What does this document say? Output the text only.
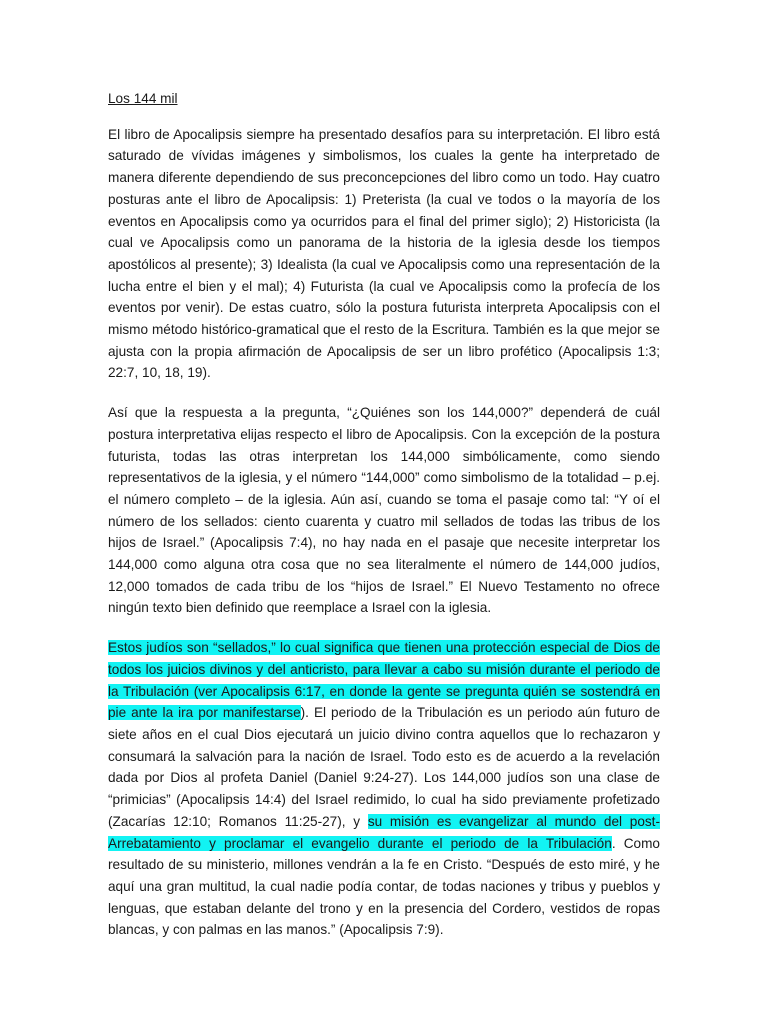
Los 144 mil

El libro de Apocalipsis siempre ha presentado desafíos para su interpretación. El libro está saturado de vívidas imágenes y simbolismos, los cuales la gente ha interpretado de manera diferente dependiendo de sus preconcepciones del libro como un todo. Hay cuatro posturas ante el libro de Apocalipsis: 1) Preterista (la cual ve todos o la mayoría de los eventos en Apocalipsis como ya ocurridos para el final del primer siglo); 2) Historicista (la cual ve Apocalipsis como un panorama de la historia de la iglesia desde los tiempos apostólicos al presente); 3) Idealista (la cual ve Apocalipsis como una representación de la lucha entre el bien y el mal); 4) Futurista (la cual ve Apocalipsis como la profecía de los eventos por venir). De estas cuatro, sólo la postura futurista interpreta Apocalipsis con el mismo método histórico-gramatical que el resto de la Escritura. También es la que mejor se ajusta con la propia afirmación de Apocalipsis de ser un libro profético (Apocalipsis 1:3; 22:7, 10, 18, 19).

Así que la respuesta a la pregunta, “¿Quiénes son los 144,000?” dependerá de cuál postura interpretativa elijas respecto el libro de Apocalipsis. Con la excepción de la postura futurista, todas las otras interpretan los 144,000 simbólicamente, como siendo representativos de la iglesia, y el número “144,000” como simbolismo de la totalidad – p.ej. el número completo – de la iglesia. Aún así, cuando se toma el pasaje como tal: “Y oí el número de los sellados: ciento cuarenta y cuatro mil sellados de todas las tribus de los hijos de Israel.” (Apocalipsis 7:4), no hay nada en el pasaje que necesite interpretar los 144,000 como alguna otra cosa que no sea literalmente el número de 144,000 judíos, 12,000 tomados de cada tribu de los “hijos de Israel.” El Nuevo Testamento no ofrece ningún texto bien definido que reemplace a Israel con la iglesia.

Estos judíos son “sellados,” lo cual significa que tienen una protección especial de Dios de todos los juicios divinos y del anticristo, para llevar a cabo su misión durante el periodo de la Tribulación (ver Apocalipsis 6:17, en donde la gente se pregunta quién se sostendrá en pie ante la ira por manifestarse). El periodo de la Tribulación es un periodo aún futuro de siete años en el cual Dios ejecutará un juicio divino contra aquellos que lo rechazaron y consumará la salvación para la nación de Israel. Todo esto es de acuerdo a la revelación dada por Dios al profeta Daniel (Daniel 9:24-27). Los 144,000 judíos son una clase de “primicias” (Apocalipsis 14:4) del Israel redimido, lo cual ha sido previamente profetizado (Zacarías 12:10; Romanos 11:25-27), y su misión es evangelizar al mundo del post-Arrebatamiento y proclamar el evangelio durante el periodo de la Tribulación. Como resultado de su ministerio, millones vendrán a la fe en Cristo. “Después de esto miré, y he aquí una gran multitud, la cual nadie podía contar, de todas naciones y tribus y pueblos y lenguas, que estaban delante del trono y en la presencia del Cordero, vestidos de ropas blancas, y con palmas en las manos.” (Apocalipsis 7:9).
